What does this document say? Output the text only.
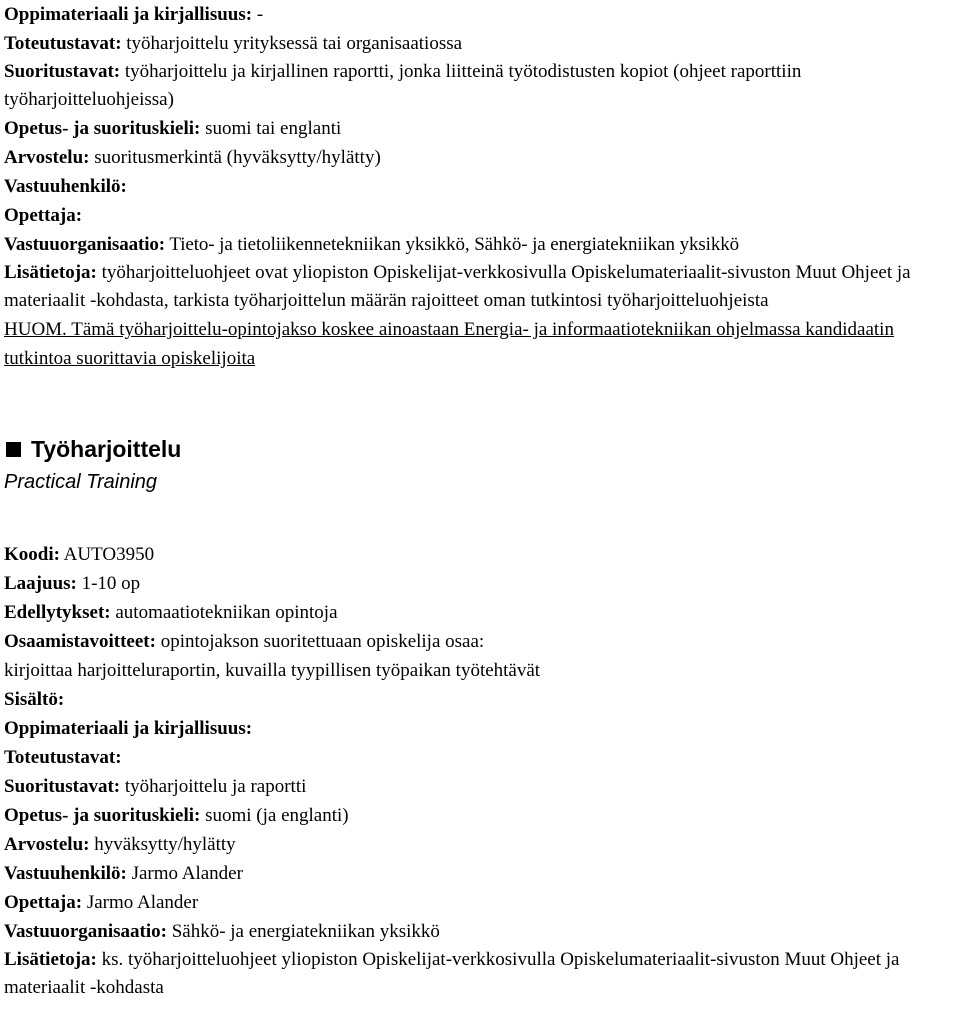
Oppimateriaali ja kirjallisuus: -
Toteutustavat: työharjoittelu yrityksessä tai organisaatiossa
Suoritustavat: työharjoittelu ja kirjallinen raportti, jonka liitteinä työtodistusten kopiot (ohjeet raporttiin työharjoitteluohjeissa)
Opetus- ja suorituskieli: suomi tai englanti
Arvostelu: suoritusmerkintä (hyväksytty/hylätty)
Vastuuhenkilö:
Opettaja:
Vastuuorganisaatio: Tieto- ja tietoliikennetekniikan yksikkö, Sähkö- ja energiatekniikan yksikkö
Lisätietoja: työharjoitteluohjeet ovat yliopiston Opiskelijat-verkkosivulla Opiskelumateriaalit-sivuston Muut Ohjeet ja materiaalit -kohdasta, tarkista työharjoittelun määrän rajoitteet oman tutkintosi työharjoitteluohjeista
HUOM. Tämä työharjoittelu-opintojakso koskee ainoastaan Energia- ja informaatiotekniikan ohjelmassa kandidaatin tutkintoa suorittavia opiskelijoita
Työharjoittelu
Practical Training
Koodi: AUTO3950
Laajuus: 1-10 op
Edellytykset: automaatiotekniikan opintoja
Osaamistavoitteet: opintojakson suoritettuaan opiskelija osaa:
kirjoittaa harjoitteluraportin, kuvailla tyypillisen työpaikan työtehtävät
Sisältö:
Oppimateriaali ja kirjallisuus:
Toteutustavat:
Suoritustavat: työharjoittelu ja raportti
Opetus- ja suorituskieli: suomi (ja englanti)
Arvostelu: hyväksytty/hylätty
Vastuuhenkilö: Jarmo Alander
Opettaja: Jarmo Alander
Vastuuorganisaatio: Sähkö- ja energiatekniikan yksikkö
Lisätietoja: ks. työharjoitteluohjeet yliopiston Opiskelijat-verkkosivulla Opiskelumateriaalit-sivuston Muut Ohjeet ja materiaalit -kohdasta
